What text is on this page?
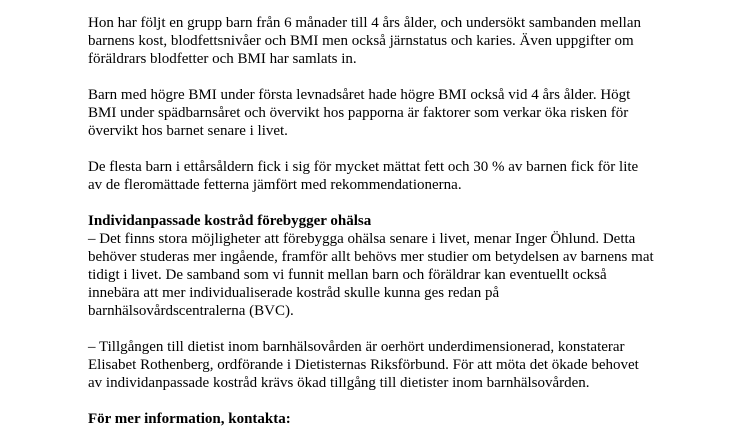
Hon har följt en grupp barn från 6 månader till 4 års ålder, och undersökt sambanden mellan
barnens kost, blodfettsnivåer och BMI men också järnstatus och karies. Även uppgifter om
föräldrars blodfetter och BMI har samlats in.

Barn med högre BMI under första levnadsåret hade högre BMI också vid 4 års ålder. Högt
BMI under spädbarnsåret och övervikt hos papporna är faktorer som verkar öka risken för
övervikt hos barnet senare i livet.

De flesta barn i ettårsåldern fick i sig för mycket mättat fett och 30 % av barnen fick för lite
av de fleromättade fetterna jämfört med rekommendationerna.

Individanpassade kostråd förebygger ohälsa
– Det finns stora möjligheter att förebygga ohälsa senare i livet, menar Inger Öhlund. Detta
behöver studeras mer ingående, framför allt behövs mer studier om betydelsen av barnens mat
tidigt i livet. De samband som vi funnit mellan barn och föräldrar kan eventuellt också
innebära att mer individualiserade kostråd skulle kunna ges redan på
barnhälsovårdscentralerna (BVC).

– Tillgången till dietist inom barnhälsovården är oerhört underdimensionerad, konstaterar
Elisabet Rothenberg, ordförande i Dietisternas Riksförbund. För att möta det ökade behovet
av individanpassade kostråd krävs ökad tillgång till dietister inom barnhälsovården.

För mer information, kontakta:
